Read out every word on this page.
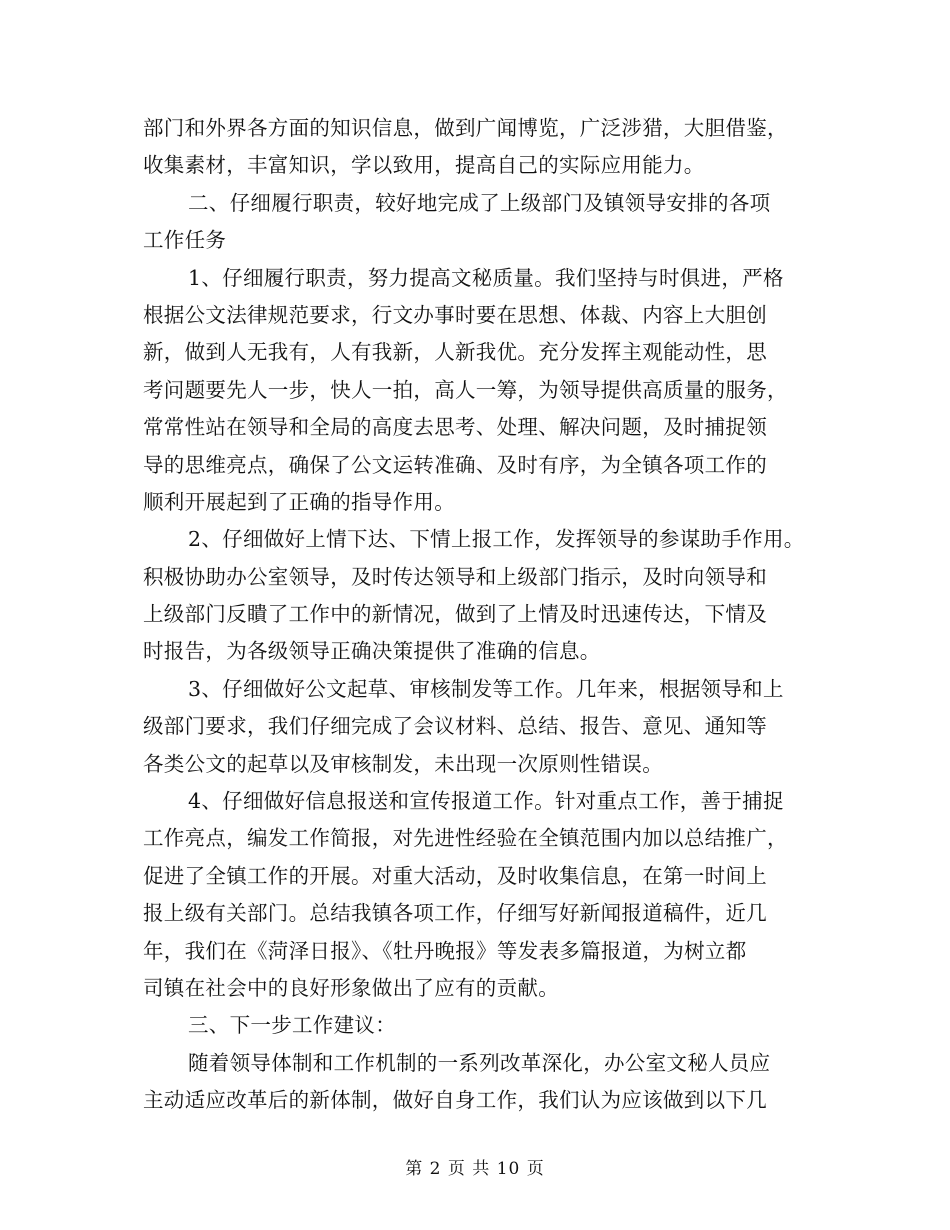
部门和外界各方面的知识信息，做到广闻博览，广泛涉猎，大胆借鉴，
收集素材，丰富知识，学以致用，提高自己的实际应用能力。
二、仔细履行职责，较好地完成了上级部门及镇领导安排的各项
工作任务
1、仔细履行职责，努力提高文秘质量。我们坚持与时俱进，严格
根据公文法律规范要求，行文办事时要在思想、体裁、内容上大胆创
新，做到人无我有，人有我新，人新我优。充分发挥主观能动性，思
考问题要先人一步，快人一拍，高人一筹，为领导提供高质量的服务，
常常性站在领导和全局的高度去思考、处理、解决问题，及时捕捉领
导的思维亮点，确保了公文运转准确、及时有序，为全镇各项工作的
顺利开展起到了正确的指导作用。
2、仔细做好上情下达、下情上报工作，发挥领导的参谋助手作用。
积极协助办公室领导，及时传达领导和上级部门指示，及时向领导和
上级部门反瞶了工作中的新情况，做到了上情及时迅速传达，下情及
时报告，为各级领导正确决策提供了准确的信息。
3、仔细做好公文起草、审核制发等工作。几年来，根据领导和上
级部门要求，我们仔细完成了会议材料、总结、报告、意见、通知等
各类公文的起草以及审核制发，未出现一次原则性错误。
4、仔细做好信息报送和宣传报道工作。针对重点工作，善于捕捉
工作亮点，编发工作简报，对先进性经验在全镇范围内加以总结推广，
促进了全镇工作的开展。对重大活动，及时收集信息，在第一时间上
报上级有关部门。总结我镇各项工作，仔细写好新闻报道稿件，近几
年，我们在《菏泽日报》、《牡丹晚报》等发表多篇报道，为树立都
司镇在社会中的良好形象做出了应有的贡献。
三、下一步工作建议：
随着领导体制和工作机制的一系列改革深化，办公室文秘人员应
主动适应改革后的新体制，做好自身工作，我们认为应该做到以下几
第 2 页 共 10 页
